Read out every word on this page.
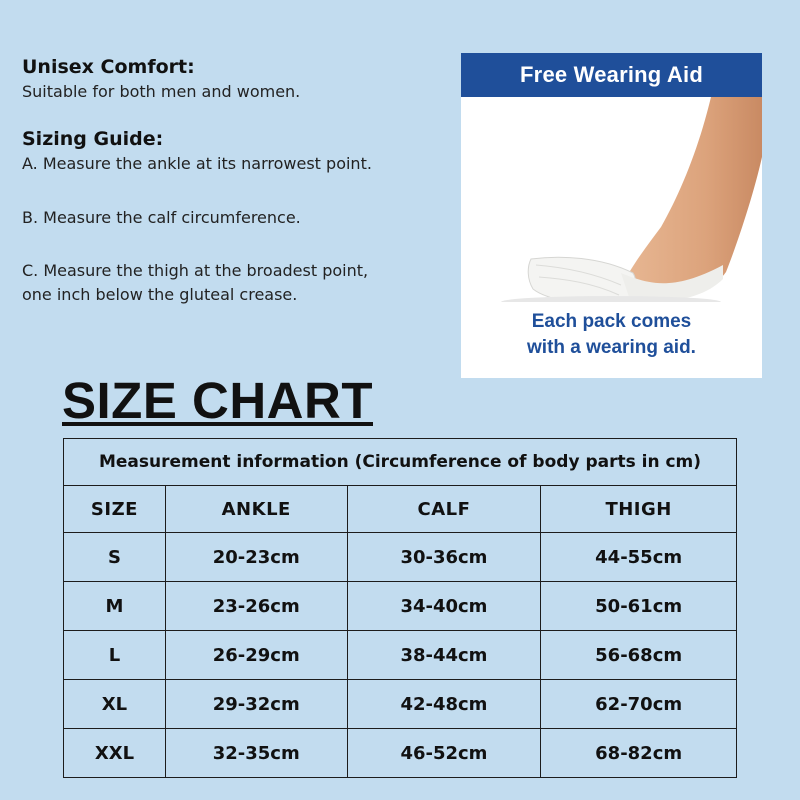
Unisex Comfort:

Suitable for both men and women.

Sizing Guide:

A. Measure the ankle at its narrowest point.

B. Measure the calf circumference.

C. Measure the thigh at the broadest point,

one inch below the gluteal crease.

Free Wearing Aid
Each pack comes
with a wearing aid.
SIZE CHART
Measurement information (Circumference of body parts in cm)			
SIZE	ANKLE	CALF	THIGH
S	20-23cm	30-36cm	44-55cm
M	23-26cm	34-40cm	50-61cm
L	26-29cm	38-44cm	56-68cm
XL	29-32cm	42-48cm	62-70cm
XXL	32-35cm	46-52cm	68-82cm
